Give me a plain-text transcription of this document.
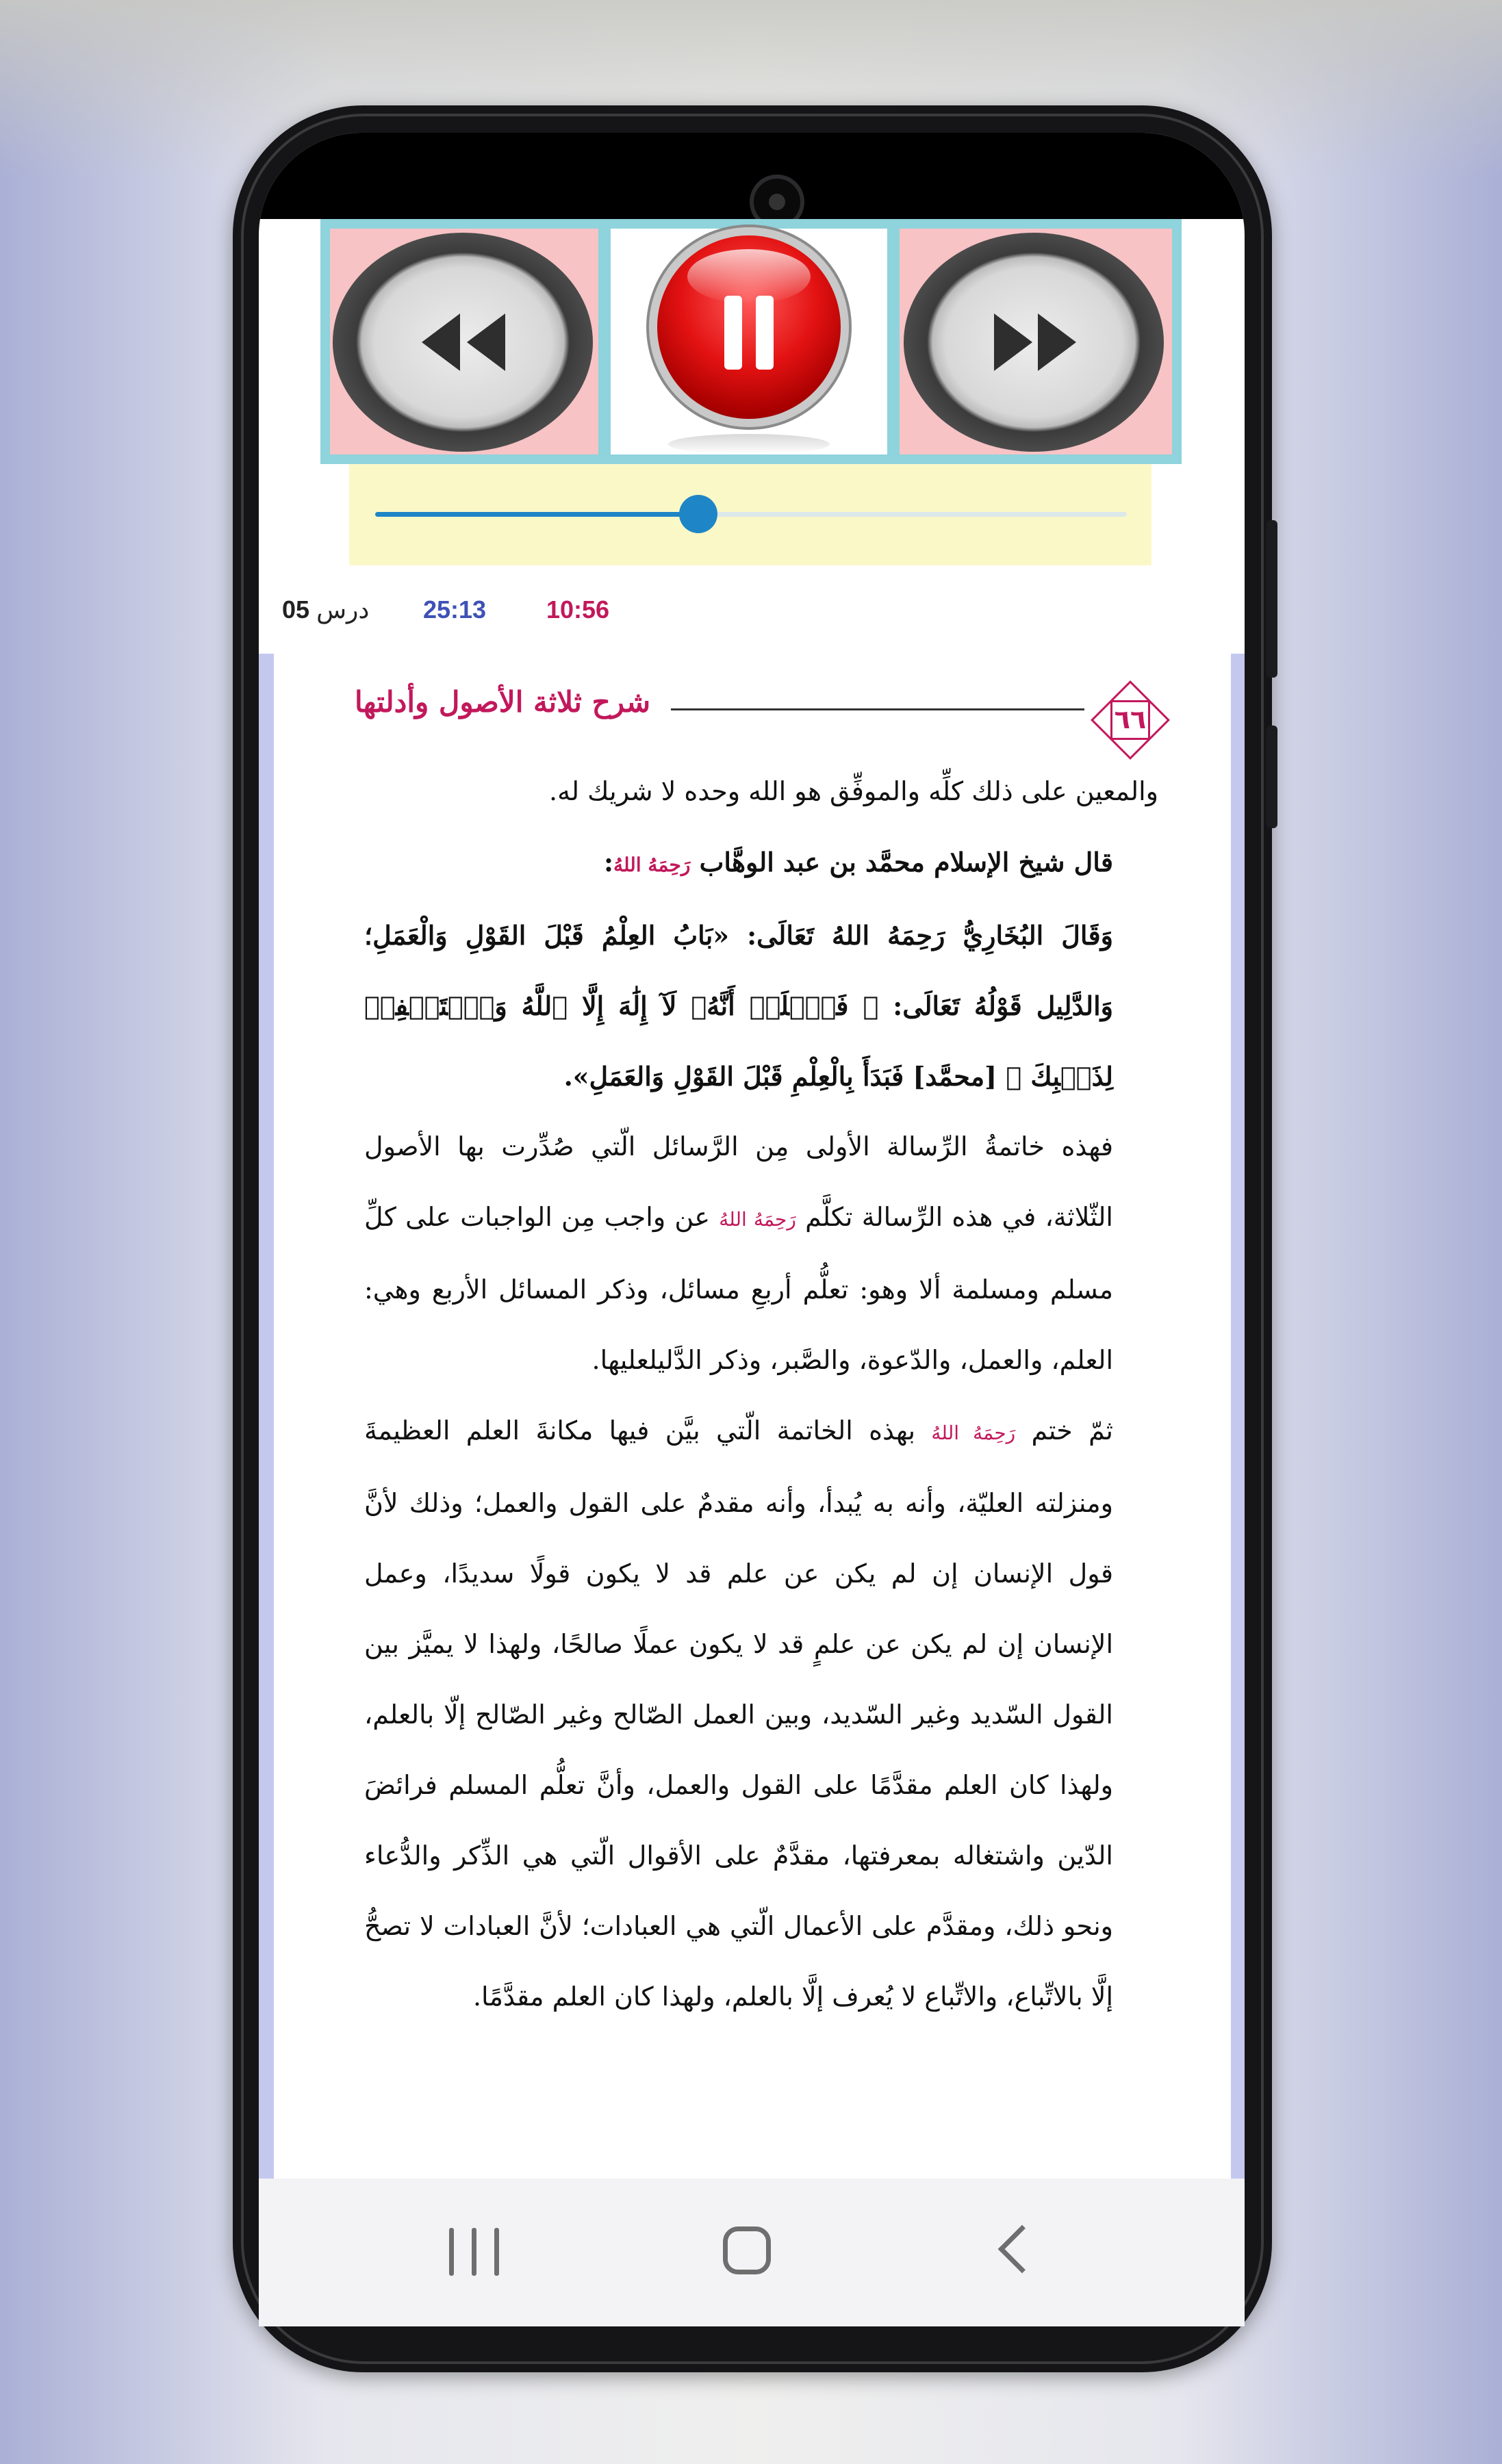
05 درس 25:13 10:56
٦٦
شرح ثلاثة الأصول وأدلتها

والمعين على ذلك كلِّه والموفِّق هو الله وحده لا شريك له.

قال شيخ الإسلام محمَّد بن عبد الوهَّاب رَحِمَهُ اللهُ:

وَقَالَ البُخَارِيُّ رَحِمَهُ اللهُ تَعَالَى: «بَابُ العِلْمُ قَبْلَ القَوْلِ وَالْعَمَلِ؛ وَالدَّلِيل قَوْلُهُ تَعَالَى: ﴿ فَٱعۡلَمۡ أَنَّهُۥ لَآ إِلَٰهَ إِلَّا ٱللَّهُ وَٱسۡتَغۡفِرۡ لِذَنۢبِكَ ﴾ [محمَّد] فَبَدَأَ بِالْعِلْمِ قَبْلَ القَوْلِ وَالعَمَلِ».

فهذه خاتمةُ الرِّسالة الأولى مِن الرَّسائل الّتي صُدِّرت بها الأصول الثّلاثة، في هذه الرِّسالة تكلَّم رَحِمَهُ اللهُ عن واجب مِن الواجبات على كلِّ مسلم ومسلمة ألا وهو: تعلُّم أربعِ مسائل، وذكر المسائل الأربع وهي: العلم، والعمل، والدّعوة، والصَّبر، وذكر الدَّليلعليها.

ثمّ ختم رَحِمَهُ اللهُ بهذه الخاتمة الّتي بيَّن فيها مكانةَ العلم العظيمةَ ومنزلته العليّة، وأنه به يُبدأ، وأنه مقدمٌ على القول والعمل؛ وذلك لأنَّ قول الإنسان إن لم يكن عن علم قد لا يكون قولًا سديدًا، وعمل الإنسان إن لم يكن عن علمٍ قد لا يكون عملًا صالحًا، ولهذا لا يميَّز بين القول السّديد وغير السّديد، وبين العمل الصّالح وغير الصّالح إلّا بالعلم، ولهذا كان العلم مقدَّمًا على القول والعمل، وأنَّ تعلُّم المسلم فرائضَ الدّين واشتغاله بمعرفتها، مقدَّمٌ على الأقوال الّتي هي الذِّكر والدُّعاء ونحو ذلك، ومقدَّم على الأعمال الّتي هي العبادات؛ لأنَّ العبادات لا تصحُّ إلَّا بالاتِّباع، والاتِّباع لا يُعرف إلَّا بالعلم، ولهذا كان العلم مقدَّمًا.
